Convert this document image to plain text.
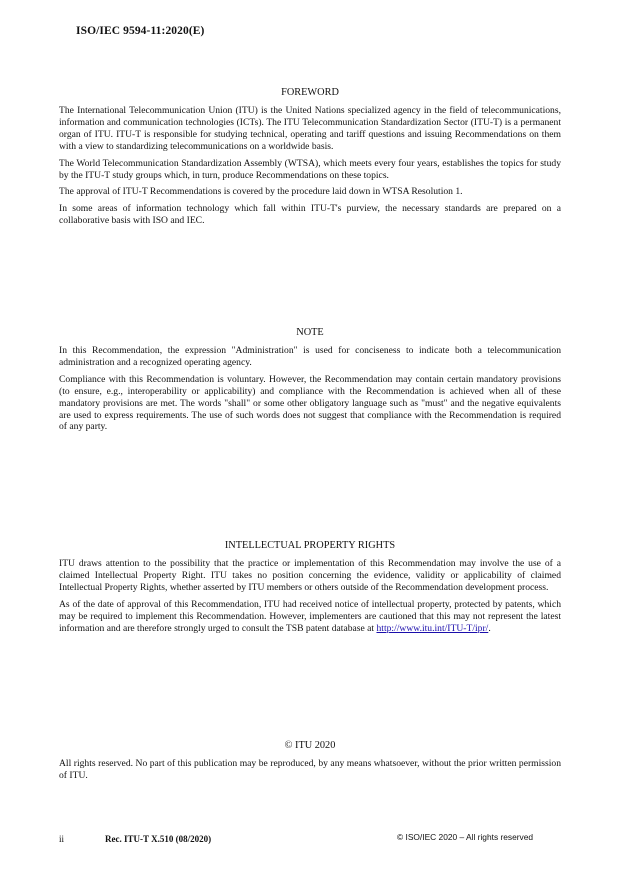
ISO/IEC 9594-11:2020(E)
FOREWORD

The International Telecommunication Union (ITU) is the United Nations specialized agency in the field of telecommunications, information and communication technologies (ICTs). The ITU Telecommunication Standardization Sector (ITU-T) is a permanent organ of ITU. ITU-T is responsible for studying technical, operating and tariff questions and issuing Recommendations on them with a view to standardizing telecommunications on a worldwide basis.

The World Telecommunication Standardization Assembly (WTSA), which meets every four years, establishes the topics for study by the ITU-T study groups which, in turn, produce Recommendations on these topics.

The approval of ITU-T Recommendations is covered by the procedure laid down in WTSA Resolution 1.

In some areas of information technology which fall within ITU-T's purview, the necessary standards are prepared on a collaborative basis with ISO and IEC.

NOTE

In this Recommendation, the expression "Administration" is used for conciseness to indicate both a telecommunication administration and a recognized operating agency.

Compliance with this Recommendation is voluntary. However, the Recommendation may contain certain mandatory provisions (to ensure, e.g., interoperability or applicability) and compliance with the Recommendation is achieved when all of these mandatory provisions are met. The words "shall" or some other obligatory language such as "must" and the negative equivalents are used to express requirements. The use of such words does not suggest that compliance with the Recommendation is required of any party.

INTELLECTUAL PROPERTY RIGHTS

ITU draws attention to the possibility that the practice or implementation of this Recommendation may involve the use of a claimed Intellectual Property Right. ITU takes no position concerning the evidence, validity or applicability of claimed Intellectual Property Rights, whether asserted by ITU members or others outside of the Recommendation development process.

As of the date of approval of this Recommendation, ITU had received notice of intellectual property, protected by patents, which may be required to implement this Recommendation. However, implementers are cautioned that this may not represent the latest information and are therefore strongly urged to consult the TSB patent database at http://www.itu.int/ITU-T/ipr/.

© ITU 2020

All rights reserved. No part of this publication may be reproduced, by any means whatsoever, without the prior written permission of ITU.

ii	Rec. ITU-T X.510 (08/2020)	© ISO/IEC 2020 – All rights reserved
